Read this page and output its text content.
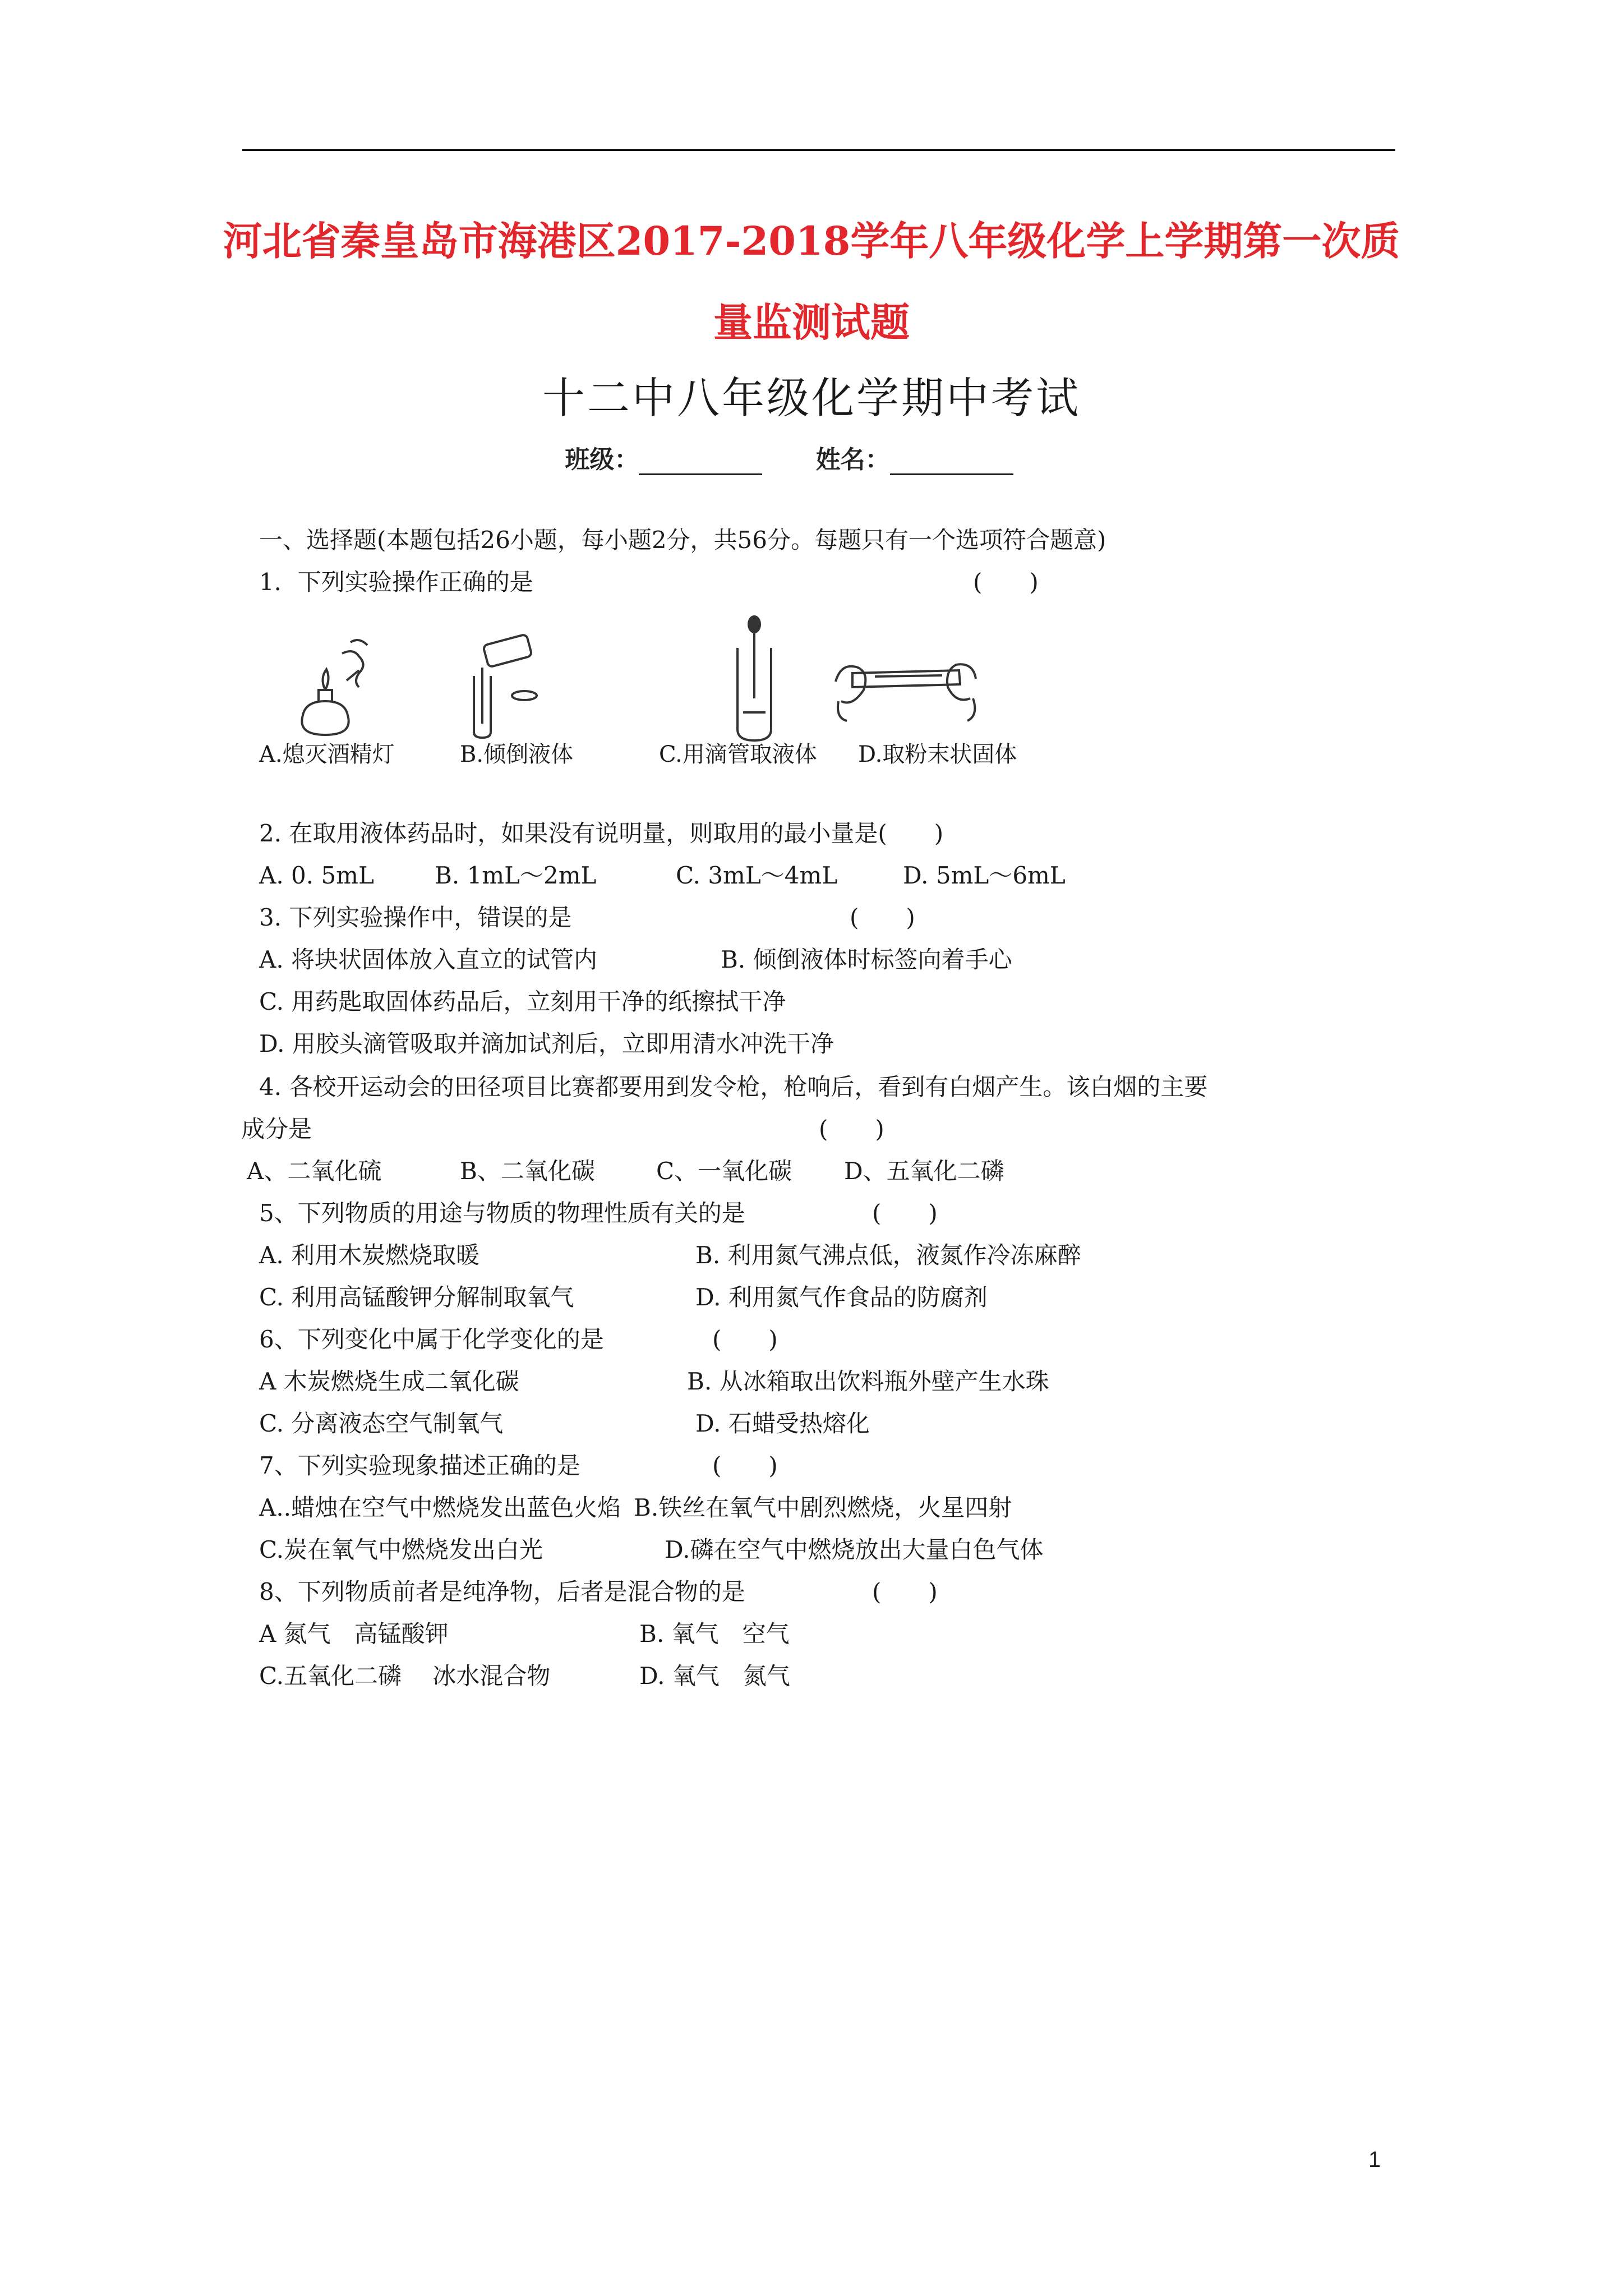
河北省秦皇岛市海港区2017-2018学年八年级化学上学期第一次质
量监测试题
十二中八年级化学期中考试
班级：	姓名：
一、选择题(本题包括26小题，每小题2分，共56分。每题只有一个选项符合题意)
1．下列实验操作正确的是	(　　)
A.熄灭酒精灯	B.倾倒液体	C.用滴管取液体 D.取粉末状固体
2. 在取用液体药品时，如果没有说明量，则取用的最小量是(　　)
A. 0. 5mL	B. 1mL～2mL	C. 3mL～4mL	D. 5mL～6mL
3. 下列实验操作中，错误的是	(　　)
A. 将块状固体放入直立的试管内	B. 倾倒液体时标签向着手心
C. 用药匙取固体药品后，立刻用干净的纸擦拭干净
D. 用胶头滴管吸取并滴加试剂后，立即用清水冲洗干净
4. 各校开运动会的田径项目比赛都要用到发令枪，枪响后，看到有白烟产生。该白烟的主要
成分是	(　　)
A、二氧化硫	B、二氧化碳	C、一氧化碳 D、五氧化二磷
5、下列物质的用途与物质的物理性质有关的是	(　　)
A. 利用木炭燃烧取暖	B. 利用氮气沸点低，液氮作冷冻麻醉
C. 利用高锰酸钾分解制取氧气	D. 利用氮气作食品的防腐剂
6、下列变化中属于化学变化的是	(　　)
A 木炭燃烧生成二氧化碳	B. 从冰箱取出饮料瓶外壁产生水珠
C. 分离液态空气制氧气	D. 石蜡受热熔化
7、下列实验现象描述正确的是	(　　)
A..蜡烛在空气中燃烧发出蓝色火焰 B.铁丝在氧气中剧烈燃烧，火星四射
C.炭在氧气中燃烧发出白光	D.磷在空气中燃烧放出大量白色气体
8、下列物质前者是纯净物，后者是混合物的是	(　　)
A 氮气　高锰酸钾	B. 氧气　空气
C.五氧化二磷　 冰水混合物	D. 氧气　氮气
1
